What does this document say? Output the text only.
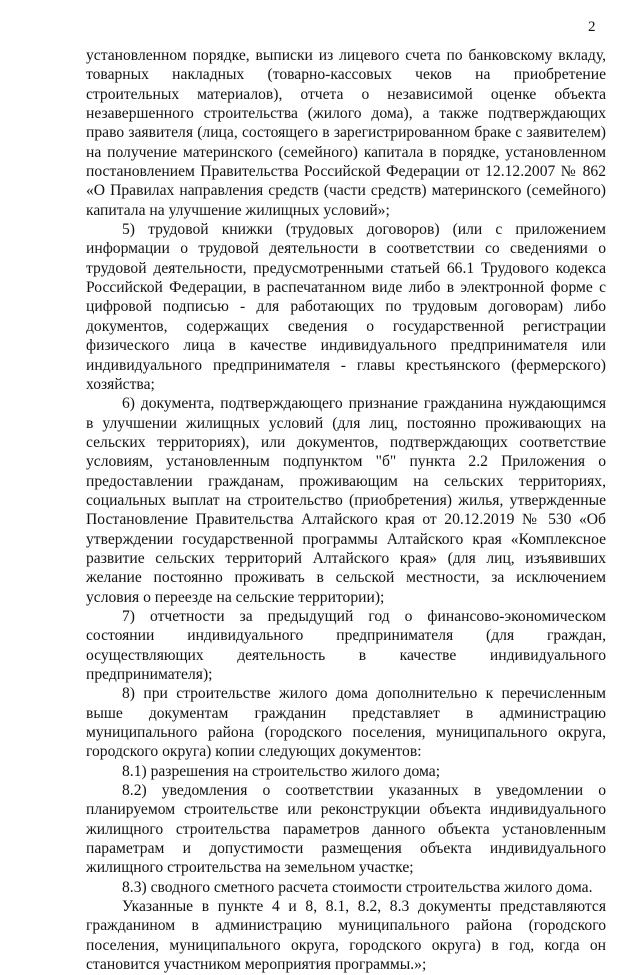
2

установленном порядке, выписки из лицевого счета по банковскому вкладу, товарных накладных (товарно-кассовых чеков на приобретение строительных материалов), отчета о независимой оценке объекта незавершенного строительства (жилого дома), а также подтверждающих право заявителя (лица, состоящего в зарегистрированном браке с заявителем) на получение материнского (семейного) капитала в порядке, установленном постановлением Правительства Российской Федерации от 12.12.2007 № 862 «О Правилах направления средств (части средств) материнского (семейного) капитала на улучшение жилищных условий»;

5) трудовой книжки (трудовых договоров) (или с приложением информации о трудовой деятельности в соответствии со сведениями о трудовой деятельности, предусмотренными статьей 66.1 Трудового кодекса Российской Федерации, в распечатанном виде либо в электронной форме с цифровой подписью - для работающих по трудовым договорам) либо документов, содержащих сведения о государственной регистрации физического лица в качестве индивидуального предпринимателя или индивидуального предпринимателя - главы крестьянского (фермерского) хозяйства;

6) документа, подтверждающего признание гражданина нуждающимся в улучшении жилищных условий (для лиц, постоянно проживающих на сельских территориях), или документов, подтверждающих соответствие условиям, установленным подпунктом "б" пункта 2.2 Приложения о предоставлении гражданам, проживающим на сельских территориях, социальных выплат на строительство (приобретения) жилья, утвержденные Постановление Правительства Алтайского края от 20.12.2019 № 530 «Об утверждении государственной программы Алтайского края «Комплексное развитие сельских территорий Алтайского края» (для лиц, изъявивших желание постоянно проживать в сельской местности, за исключением условия о переезде на сельские территории);

7) отчетности за предыдущий год о финансово-экономическом состоянии индивидуального предпринимателя (для граждан, осуществляющих деятельность в качестве индивидуального предпринимателя);

8) при строительстве жилого дома дополнительно к перечисленным выше документам гражданин представляет в администрацию муниципального района (городского поселения, муниципального округа, городского округа) копии следующих документов:

8.1) разрешения на строительство жилого дома;

8.2) уведомления о соответствии указанных в уведомлении о планируемом строительстве или реконструкции объекта индивидуального жилищного строительства параметров данного объекта установленным параметрам и допустимости размещения объекта индивидуального жилищного строительства на земельном участке;

8.3) сводного сметного расчета стоимости строительства жилого дома.

Указанные в пункте 4 и 8, 8.1, 8.2, 8.3 документы представляются гражданином в администрацию муниципального района (городского поселения, муниципального округа, городского округа) в год, когда он становится участником мероприятия программы.»;
